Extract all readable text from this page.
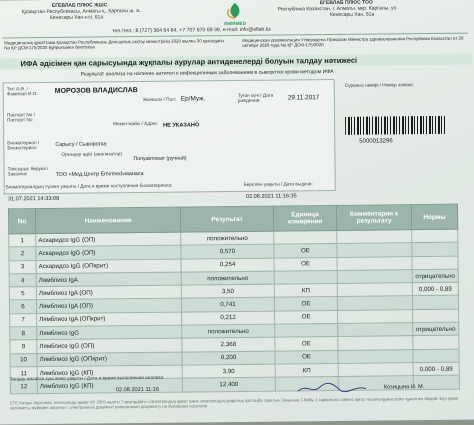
ЕГЕВЛАБ ПЛЮС ЖШС
Қазақстан Республикасы, Алматы қ., Қарғалы ш. а.,
Кенесары Хан к-сі, 61а
EMIRMED
ЕГЕВЛАБ ПЛЮС ТОО
Республика Казахстан, г. Алматы, мкр. Каргалы, ул.
Кенесары Хан, 61а
тел./тел.: 8 (727) 364 64 64, +7 707 670 69 39, e-mail: info@ellab.kz
Медициналық құжаттама Қазақстан Республикасы Денсаулық сақтау министрінің 2020 жылғы 30 қазандағы No ҚР ДСМ-175/2020 бұйрығымен бекітілген
Медицинская документация Утверждена Приказом Министра здравоохранения Республики Казахстан от 30 октября 2020 года No ҚР ДСМ-175/2020
ИФА әдісімен қан сарысуында жұқпалы аурулар антиденелерді болуын талдау нәтижесі
Результат анализа на наличие антител к инфекционным заболеваниям в сыворотке крови методом ИФА
Тегі А.Ә. / Фамилия И.О.	МОРОЗОВ ВЛАДИСЛАВ
Жынысы / Пол: Ер/Муж.
Туған күні / Дата рождения:	29.11.2017
Паспорт No / Паспорт No
Мекен-жайы / Адрес НЕ УКАЗАНО
Биоматериал / Биоматериал	Сарысу / Сыворотка
Орындау әдісі (анализатор)
Полуавтомат (ручной)
Тапсырыс берушi / Заказчик	ТОО «Мед.Центр Emirmed»манаса
Сүраныс нөмірі / Номер заявки:
5000013296
Биоматериалдың түскен уақыты / Дата и время поступления биоматериала:
31.07.2021 14:33:08
Берілген уақыты / Дата выдачи:
02.08.2021 11:16:35
No	Наименование	Результат	Единица измерения	Комментарии к результату	Нормы
1	Аскаридоз IgG (ОП)	положительно			
2	Аскаридоз IgG (ОП)	0,570	ОЕ		
3	Аскаридоз IgG (ОПкрит)	0,254	ОЕ		
4	Лямблиоз IgA	положительно			отрицательно
5	Лямблиоз IgA (ОП)	3,50	КП		0,000 - 0,89
6	Лямблиоз IgA (ОП)	0,741	ОЕ		
7	Лямблиоз IgA (ОПкрит)	0,212	ОЕ		
8	Лямблиоз IgG	положительно			отрицательно
9	Лямблиоз IgG (ОП)	2,368	ОЕ		
10	Лямблиоз IgG (ОПкрит)	0,200	ОЕ		
11	Лямблиоз IgG (КП)	3,90	КП		0,000 - 0,89
12	Лямблиоз IgG (КП)	12,400			
Талдау жасаған күні және уақыты / Дата и время выполнения анализа
02.08.2021 11:16	Козицына И. М.
ЕГЕ Хатшы Зертхана, электронды құжат КР 2003 жылғы 7 қаңтардағы «Электрондық құжат және электрондық цифрлық қолтаңба туралы» Заңының 7-бабы 1 тармағына сәйкес қағаз тасымалдағыштағы құжатпен бірдей. Бұл құжат автоматты жүйеден алынған / электронный документ равнозначен документу на бумажном носителе
